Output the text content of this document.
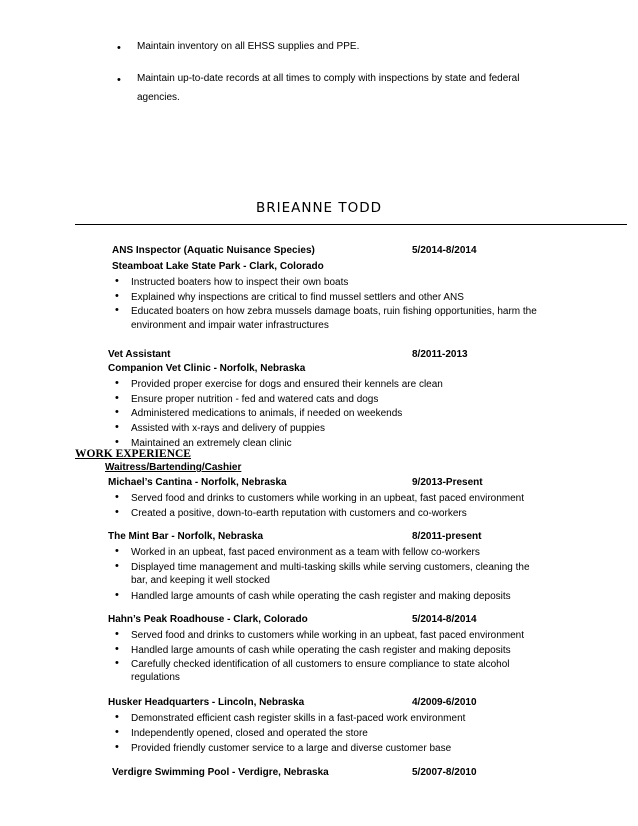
• Maintain inventory on all EHSS supplies and PPE.
• Maintain up-to-date records at all times to comply with inspections by state and federal
agencies.
BRIEANNE TODD
ANS Inspector (Aquatic Nuisance Species)	5/2014-8/2014
Steamboat Lake State Park - Clark, Colorado
• Instructed boaters how to inspect their own boats
• Explained why inspections are critical to find mussel settlers and other ANS
• Educated boaters on how zebra mussels damage boats, ruin fishing opportunities, harm the
environment and impair water infrastructures
Vet Assistant	8/2011-2013
Companion Vet Clinic - Norfolk, Nebraska
• Provided proper exercise for dogs and ensured their kennels are clean
• Ensure proper nutrition - fed and watered cats and dogs
• Administered medications to animals, if needed on weekends
• Assisted with x-rays and delivery of puppies
• Maintained an extremely clean clinic
WORK EXPERIENCE
Waitress/Bartending/Cashier
Michael’s Cantina - Norfolk, Nebraska	9/2013-Present
• Served food and drinks to customers while working in an upbeat, fast paced environment
• Created a positive, down-to-earth reputation with customers and co-workers
The Mint Bar - Norfolk, Nebraska	8/2011-present
• Worked in an upbeat, fast paced environment as a team with fellow co-workers
• Displayed time management and multi-tasking skills while serving customers, cleaning the
bar, and keeping it well stocked
• Handled large amounts of cash while operating the cash register and making deposits
Hahn’s Peak Roadhouse - Clark, Colorado	5/2014-8/2014
• Served food and drinks to customers while working in an upbeat, fast paced environment
• Handled large amounts of cash while operating the cash register and making deposits
• Carefully checked identification of all customers to ensure compliance to state alcohol
regulations
Husker Headquarters - Lincoln, Nebraska	4/2009-6/2010
• Demonstrated efficient cash register skills in a fast-paced work environment
• Independently opened, closed and operated the store
• Provided friendly customer service to a large and diverse customer base
Verdigre Swimming Pool - Verdigre, Nebraska	5/2007-8/2010
